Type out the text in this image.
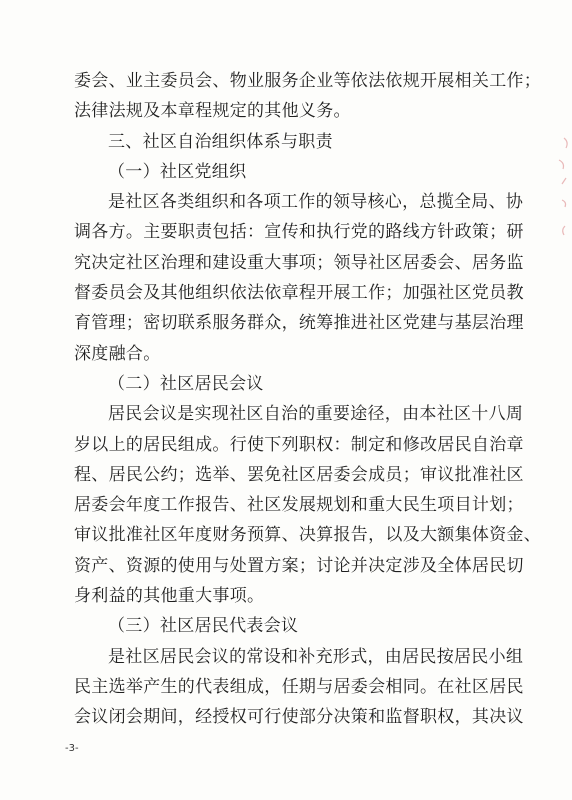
委会、业主委员会、物业服务企业等依法依规开展相关工作；
法律法规及本章程规定的其他义务。
三、社区自治组织体系与职责
（一）社区党组织
是社区各类组织和各项工作的领导核心，总揽全局、协
调各方。主要职责包括：宣传和执行党的路线方针政策；研
究决定社区治理和建设重大事项；领导社区居委会、居务监
督委员会及其他组织依法依章程开展工作；加强社区党员教
育管理；密切联系服务群众，统筹推进社区党建与基层治理
深度融合。
（二）社区居民会议
居民会议是实现社区自治的重要途径，由本社区十八周
岁以上的居民组成。行使下列职权：制定和修改居民自治章
程、居民公约；选举、罢免社区居委会成员；审议批准社区
居委会年度工作报告、社区发展规划和重大民生项目计划；
审议批准社区年度财务预算、决算报告，以及大额集体资金、
资产、资源的使用与处置方案；讨论并决定涉及全体居民切
身利益的其他重大事项。
（三）社区居民代表会议
是社区居民会议的常设和补充形式，由居民按居民小组
民主选举产生的代表组成，任期与居委会相同。在社区居民
会议闭会期间，经授权可行使部分决策和监督职权，其决议
-3-
